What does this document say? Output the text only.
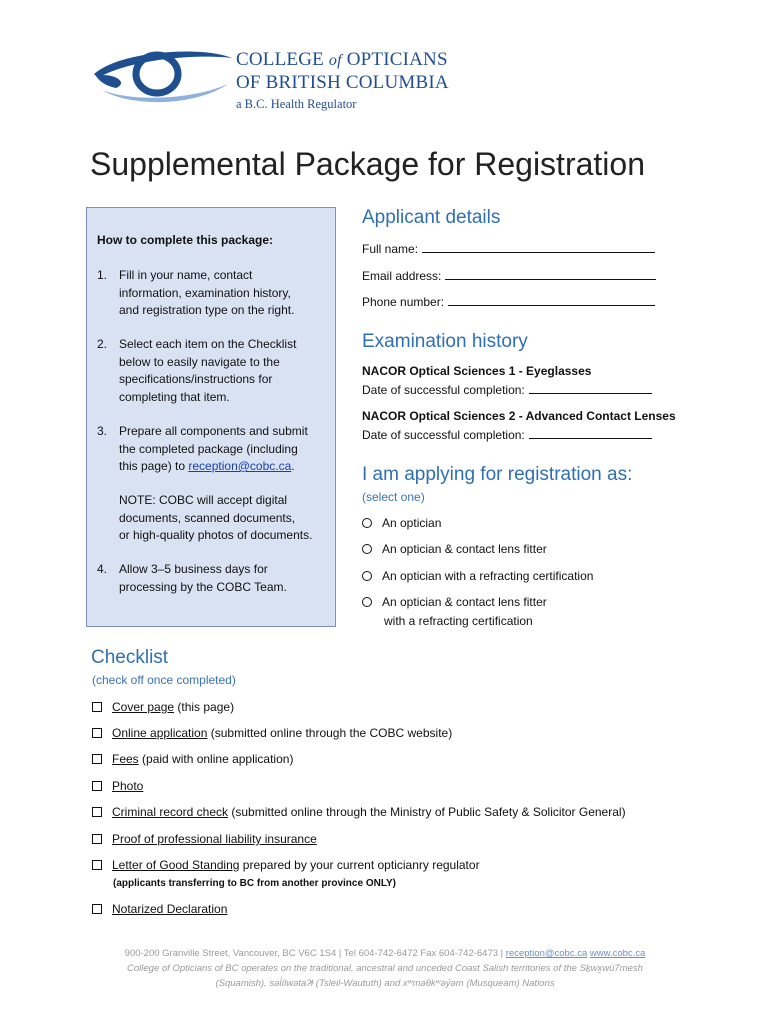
COLLEGE of OPTICIANS
OF BRITISH COLUMBIA
a B.C. Health Regulator
Supplemental Package for Registration
How to complete this package:
1. Fill in your name, contact
information, examination history,
and registration type on the right.
2. Select each item on the Checklist
below to easily navigate to the
specifications/instructions for
completing that item.
3. Prepare all components and submit
the completed package (including
this page) to reception@cobc.ca.
NOTE: COBC will accept digital
documents, scanned documents,
or high-quality photos of documents.
4. Allow 3–5 business days for
processing by the COBC Team.
Applicant details
Full name:
Email address:
Phone number:
Examination history
NACOR Optical Sciences 1 - Eyeglasses
Date of successful completion:
NACOR Optical Sciences 2 - Advanced Contact Lenses
Date of successful completion:
I am applying for registration as:
(select one)
An optician
An optician & contact lens fitter
An optician with a refracting certification
An optician & contact lens fitter
with a refracting certification
Checklist
(check off once completed)
Cover page (this page)
Online application (submitted online through the COBC website)
Fees (paid with online application)
Photo
Criminal record check (submitted online through the Ministry of Public Safety & Solicitor General)
Proof of professional liability insurance
Letter of Good Standing prepared by your current opticianry regulator
(applicants transferring to BC from another province ONLY)
Notarized Declaration
900-200 Granville Street, Vancouver, BC V6C 1S4 | Tel 604-742-6472 Fax 604-742-6473 | reception@cobc.ca www.cobc.ca
College of Opticians of BC operates on the traditional, ancestral and unceded Coast Salish territories of the Sḵwx̱wú7mesh
(Squamish), səl̓ílwətaʔɬ (Tsleil-Waututh) and xʷməθkʷəy̓əm (Musqueam) Nations
